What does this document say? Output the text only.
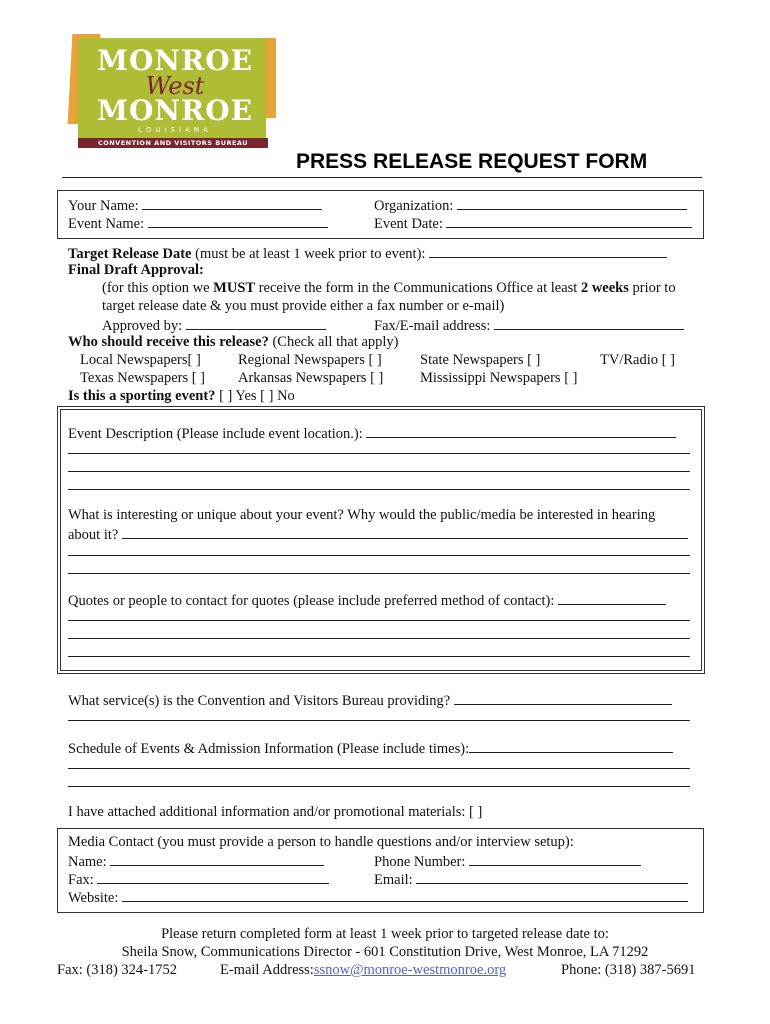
MONROE
West
MONROE
LOUISIANA
CONVENTION AND VISITORS BUREAU
PRESS RELEASE REQUEST FORM
Your Name:	Organization:
Event Name:	Event Date:
Target Release Date (must be at least 1 week prior to event):
Final Draft Approval:
(for this option we MUST receive the form in the Communications Office at least 2 weeks prior to
target release date & you must provide either a fax number or e-mail)
Approved by:	Fax/E-mail address:
Who should receive this release? (Check all that apply)
Local Newspapers[ ]	Regional Newspapers [ ]	State Newspapers [ ]	TV/Radio [ ]
Texas Newspapers [ ] Arkansas Newspapers [ ]	Mississippi Newspapers [ ]
Is this a sporting event? [ ] Yes [ ] No
Event Description (Please include event location.):
What is interesting or unique about your event? Why would the public/media be interested in hearing
about it?
Quotes or people to contact for quotes (please include preferred method of contact):
What service(s) is the Convention and Visitors Bureau providing?
Schedule of Events & Admission Information (Please include times):
I have attached additional information and/or promotional materials: [ ]
Media Contact (you must provide a person to handle questions and/or interview setup):
Name:	Phone Number:
Fax:	Email:
Website:
Please return completed form at least 1 week prior to targeted release date to:
Sheila Snow, Communications Director - 601 Constitution Drive, West Monroe, LA 71292
Fax: (318) 324-1752	E-mail Address:ssnow@monroe-westmonroe.org	Phone: (318) 387-5691
